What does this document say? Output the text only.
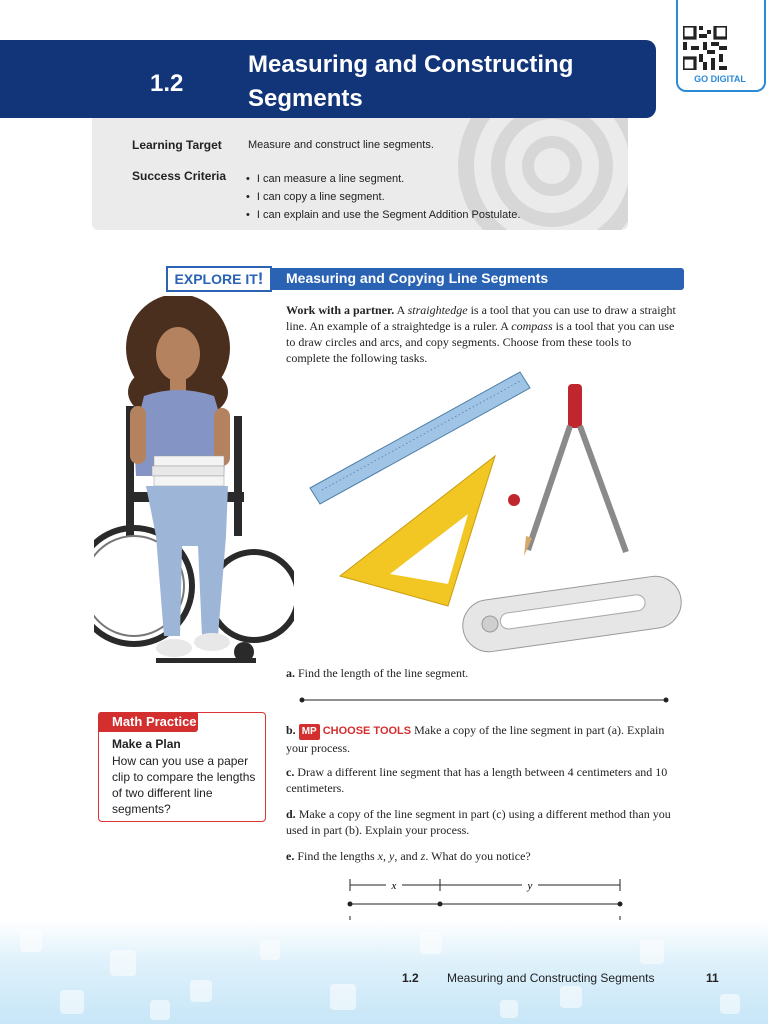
1.2
Measuring and Constructing
Segments
GO DIGITAL
Learning Target Measure and construct line segments.
Success Criteria
•	I can measure a line segment.
• I can copy a line segment.
• I can explain and use the Segment Addition Postulate.
EXPLORE IT!	Measuring and Copying Line Segments
Work with a partner. A straightedge is a tool that you can use to draw a straight line. An example of a straightedge is a ruler. A compass is a tool that you can use to draw circles and arcs, and copy segments. Choose from these tools to complete the following tasks.
Math Practice
Make a Plan
How can you use a paper clip to compare the lengths of two different line segments?
a. Find the length of the line segment.
b. MP CHOOSE TOOLS Make a copy of the line segment in part (a). Explain your process.
c. Draw a different line segment that has a length between 4 centimeters and 10 centimeters.
d. Make a copy of the line segment in part (c) using a different method than you used in part (b). Explain your process.
e. Find the lengths x, y, and z. What do you notice?
x	y
1.2 Measuring and Constructing Segments	11
